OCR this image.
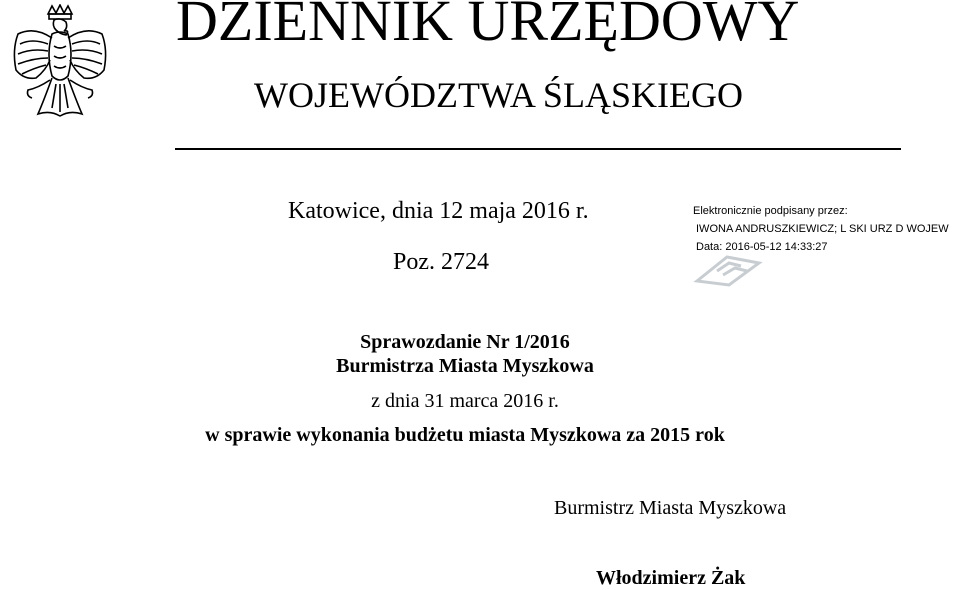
DZIENNIK URZĘDOWY
WOJEWÓDZTWA ŚLĄSKIEGO
Katowice, dnia 12 maja 2016 r.
Poz. 2724
Elektronicznie podpisany przez:
IWONA ANDRUSZKIEWICZ; L SKI URZ D WOJEW
Data: 2016-05-12 14:33:27
Sprawozdanie Nr 1/2016
Burmistrza Miasta Myszkowa
z dnia 31 marca 2016 r.
w sprawie wykonania budżetu miasta Myszkowa za 2015 rok
Burmistrz Miasta Myszkowa
Włodzimierz Żak
